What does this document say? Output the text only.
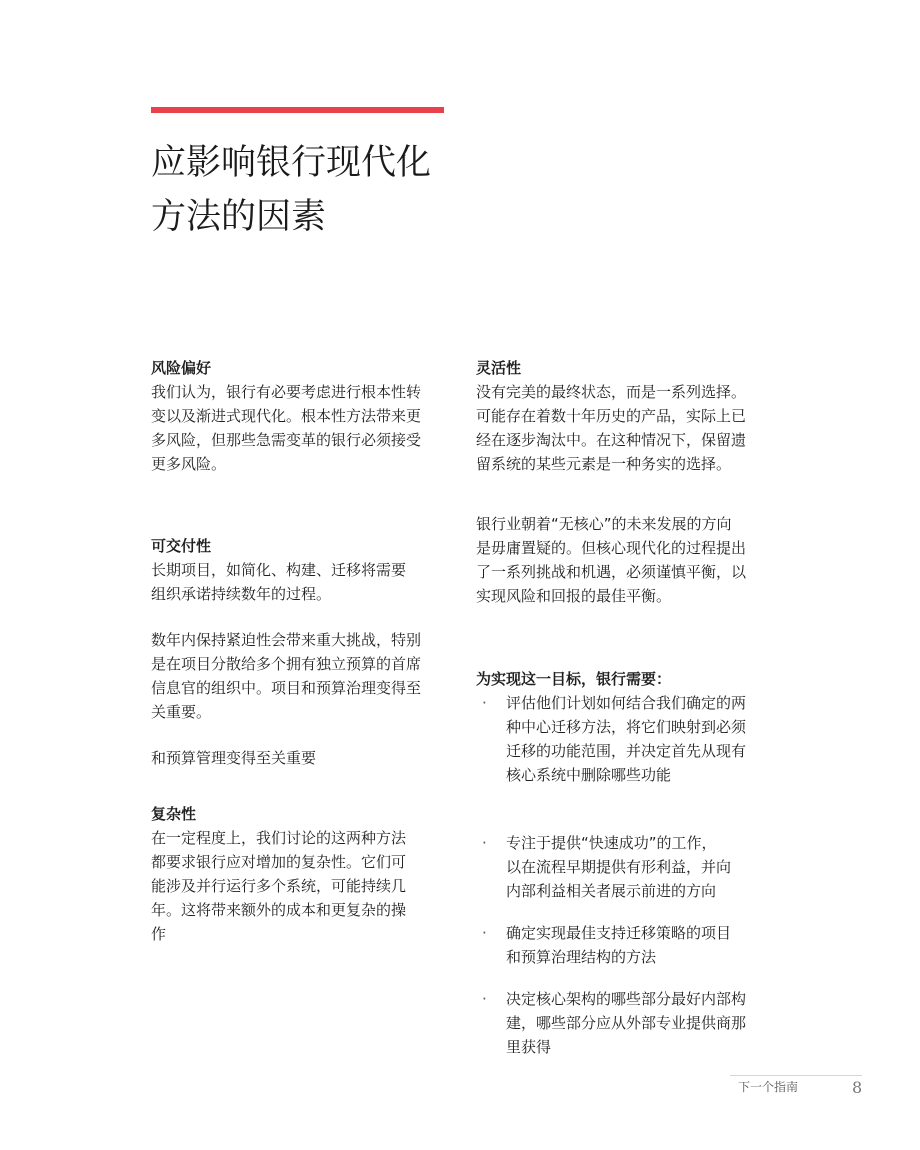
应影响银行现代化
方法的因素
风险偏好

我们认为，银行有必要考虑进行根本性转
变以及渐进式现代化。根本性方法带来更
多风险，但那些急需变革的银行必须接受
更多风险。

可交付性

长期项目，如简化、构建、迁移将需要
组织承诺持续数年的过程。

数年内保持紧迫性会带来重大挑战，特别
是在项目分散给多个拥有独立预算的首席
信息官的组织中。项目和预算治理变得至
关重要。

和预算管理变得至关重要

复杂性

在一定程度上，我们讨论的这两种方法
都要求银行应对增加的复杂性。它们可
能涉及并行运行多个系统，可能持续几
年。这将带来额外的成本和更复杂的操
作

灵活性

没有完美的最终状态，而是一系列选择。
可能存在着数十年历史的产品，实际上已
经在逐步淘汰中。在这种情况下，保留遗
留系统的某些元素是一种务实的选择。

银行业朝着“无核心”的未来发展的方向
是毋庸置疑的。但核心现代化的过程提出
了一系列挑战和机遇，必须谨慎平衡，以
实现风险和回报的最佳平衡。

为实现这一目标，银行需要：
· 评估他们计划如何结合我们确定的两
种中心迁移方法，将它们映射到必须
迁移的功能范围，并决定首先从现有
核心系统中删除哪些功能
· 专注于提供“快速成功”的工作，
以在流程早期提供有形利益，并向
内部利益相关者展示前进的方向
· 确定实现最佳支持迁移策略的项目
和预算治理结构的方法
· 决定核心架构的哪些部分最好内部构
建，哪些部分应从外部专业提供商那
里获得
下一个指南	8
